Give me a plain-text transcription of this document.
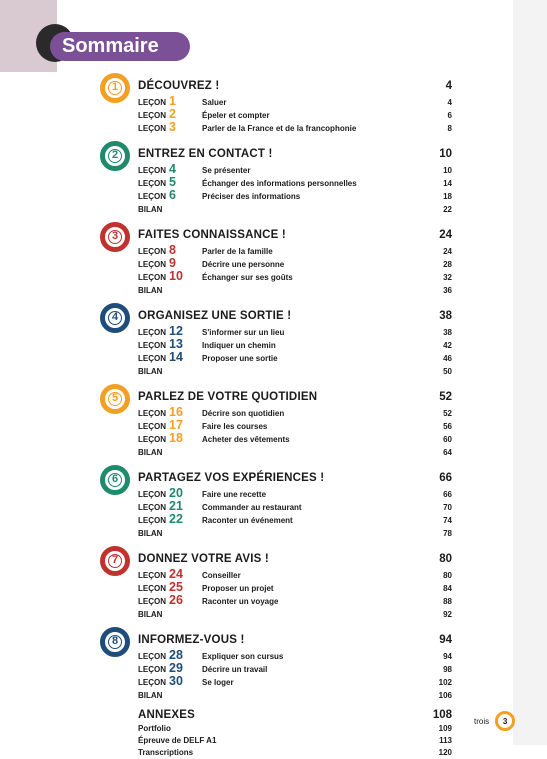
Sommaire
1	DÉCOUVREZ !	4
LEÇON 1	Saluer	4
LEÇON 2	Épeler et compter	6
LEÇON 3	Parler de la France et de la francophonie	8
2	ENTREZ EN CONTACT !	10
LEÇON 4	Se présenter	10
LEÇON 5	Échanger des informations personnelles	14
LEÇON 6	Préciser des informations	18
BILAN	22
3	FAITES CONNAISSANCE !	24
LEÇON 8	Parler de la famille	24
LEÇON 9	Décrire une personne	28
LEÇON 10 Échanger sur ses goûts	32
BILAN	36
4	ORGANISEZ UNE SORTIE !	38
LEÇON 12 S'informer sur un lieu	38
LEÇON 13 Indiquer un chemin	42
LEÇON 14 Proposer une sortie	46
BILAN	50
5	PARLEZ DE VOTRE QUOTIDIEN	52
LEÇON 16 Décrire son quotidien	52
LEÇON 17 Faire les courses	56
LEÇON 18 Acheter des vêtements	60
BILAN	64
6	PARTAGEZ VOS EXPÉRIENCES !	66
LEÇON 20 Faire une recette	66
LEÇON 21 Commander au restaurant	70
LEÇON 22 Raconter un événement	74
BILAN	78
7	DONNEZ VOTRE AVIS !	80
LEÇON 24 Conseiller	80
LEÇON 25 Proposer un projet	84
LEÇON 26 Raconter un voyage	88
BILAN	92
8	INFORMEZ-VOUS !	94
LEÇON 28 Expliquer son cursus	94
LEÇON 29 Décrire un travail	98
LEÇON 30 Se loger	102
BILAN	106
ANNEXES	108
Portfolio	109
Épreuve de DELF A1	113
Transcriptions	120
trois 3
